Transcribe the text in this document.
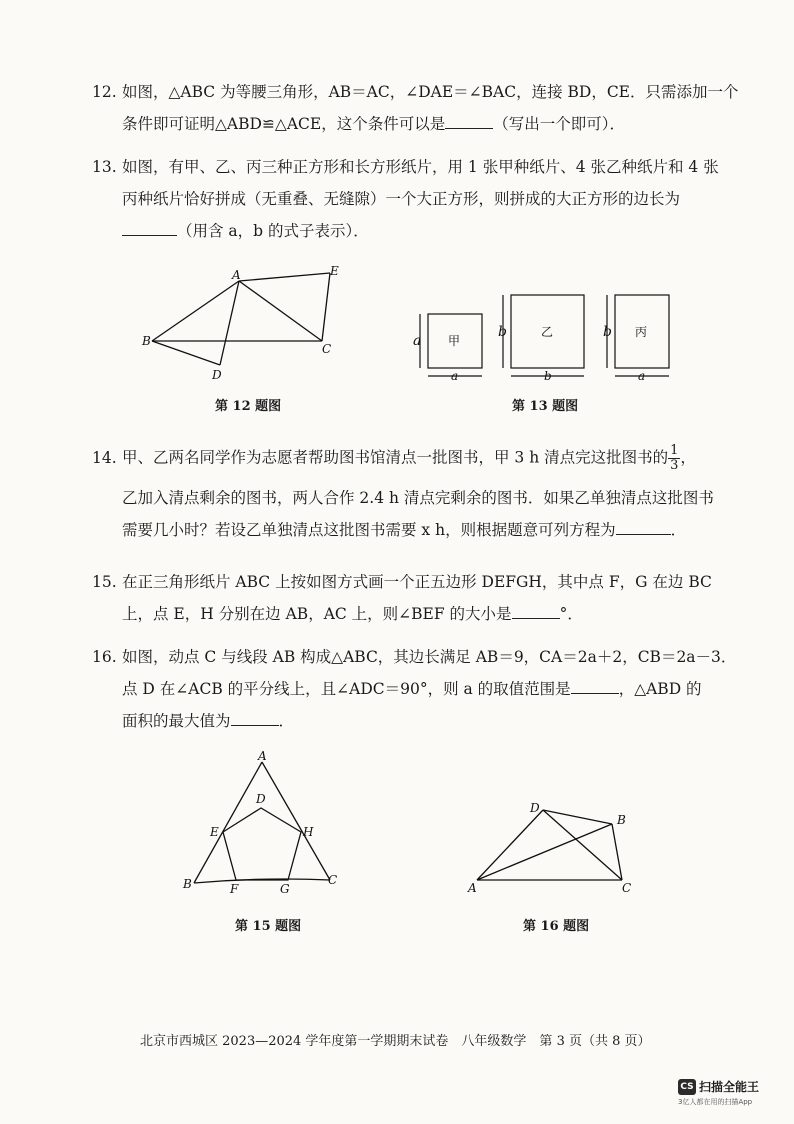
12. 如图，△ABC 为等腰三角形，AB＝AC，∠DAE＝∠BAC，连接 BD，CE．只需添加一个
条件即可证明△ABD≌△ACE，这个条件可以是	（写出一个即可）．
13. 如图，有甲、乙、丙三种正方形和长方形纸片，用 1 张甲种纸片、4 张乙种纸片和 4 张
丙种纸片恰好拼成（无重叠、无缝隙）一个大正方形，则拼成的大正方形的边长为
（用含 a，b 的式子表示）．
A
B
C
D
E
第 12 题图
甲
乙	丙
a
a
b
b
b
a
第 13 题图
14. 甲、乙两名同学作为志愿者帮助图书馆清点一批图书，甲 3 h 清点完这批图书的 $\frac{1}{3}$ ，
乙加入清点剩余的图书，两人合作 2.4 h 清点完剩余的图书．如果乙单独清点这批图书
需要几小时？若设乙单独清点这批图书需要 x h，则根据题意可列方程为	．
15. 在正三角形纸片 ABC 上按如图方式画一个正五边形 DEFGH，其中点 F，G 在边 BC
上，点 E，H 分别在边 AB，AC 上，则∠BEF 的大小是	°．
16. 如图，动点 C 与线段 AB 构成△ABC，其边长满足 AB＝9，CA＝2a＋2，CB＝2a－3．
点 D 在∠ACB 的平分线上，且∠ADC＝90°，则 a 的取值范围是	，△ABD 的
面积的最大值为	．
A
B	C
D
E
F	G
H
第 15 题图
A
B
C
D
第 16 题图
北京市西城区 2023—2024 学年度第一学期期末试卷　八年级数学　第 3 页（共 8 页）
CS 扫描全能王
3亿人都在用的扫描App
